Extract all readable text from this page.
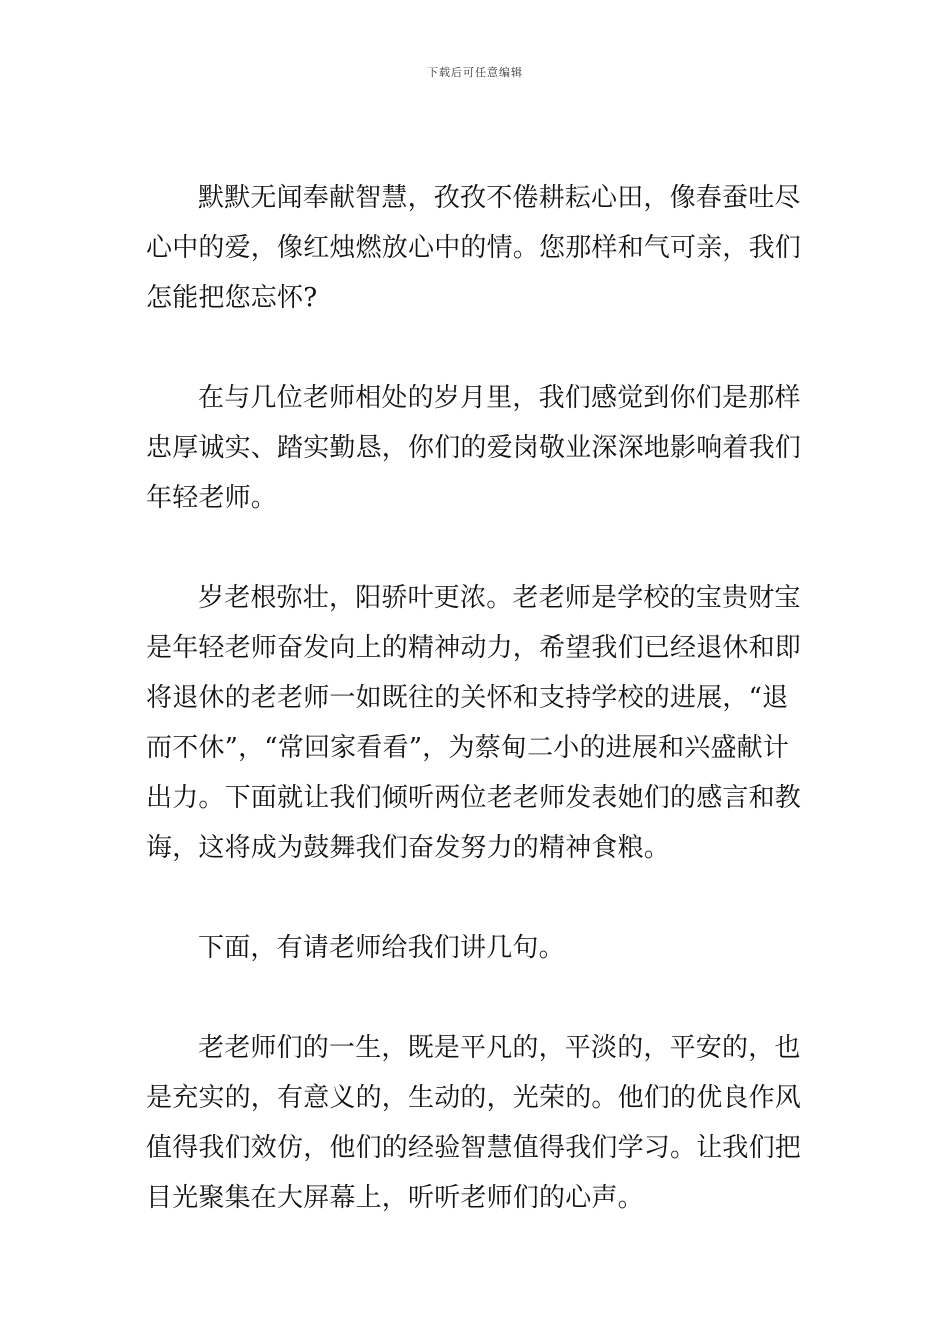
下载后可任意编辑

默默无闻奉献智慧，孜孜不倦耕耘心田，像春蚕吐尽心中的爱，像红烛燃放心中的情。您那样和气可亲，我们怎能把您忘怀?

在与几位老师相处的岁月里，我们感觉到你们是那样忠厚诚实、踏实勤恳，你们的爱岗敬业深深地影响着我们年轻老师。

岁老根弥壮，阳骄叶更浓。老老师是学校的宝贵财宝是年轻老师奋发向上的精神动力，希望我们已经退休和即将退休的老老师一如既往的关怀和支持学校的进展，“退而不休”，“常回家看看”，为蔡甸二小的进展和兴盛献计出力。下面就让我们倾听两位老老师发表她们的感言和教诲，这将成为鼓舞我们奋发努力的精神食粮。

下面，有请老师给我们讲几句。

老老师们的一生，既是平凡的，平淡的，平安的，也是充实的，有意义的，生动的，光荣的。他们的优良作风值得我们效仿，他们的经验智慧值得我们学习。让我们把目光聚集在大屏幕上，听听老师们的心声。
